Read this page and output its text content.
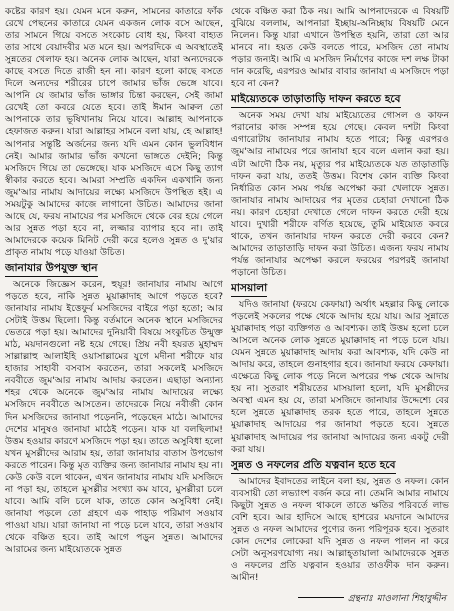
কষ্টের কারণ হয়। যেমন মনে করুন, সামনের কাতারে ফাঁক রেখে পেছনের কাতারে যেমন একজন লোক বসে আছেন, তার সামনে গিয়ে বসতে সংকোচ বোধ হয়, কিংবা বাহ্যত তার সাথে বেয়াদবীর মত মনে হয়। অপরদিকে এ অবস্থাতেই সুন্নতের খেলাফ হয়। অনেক লোক আছেন, যারা অন্যদেরকে কাছে বসতে দিতে রাজী হন না। কারণ হলো কাছে বসতে দিলে অন্যদের শরীরের চাপে জামার ভাঁজ ভেঙ্গে যাবে। আপনি যে জামার ভাঁজ ভাঙ্গার চিন্তা করছেন, সেই জামা রেখেই তো কবরে যেতে হবে। তাই ঈমান আক্বল তো আপনাকে তার ভূষিখানায় নিয়ে যাবে। আল্লাহ আপনাকে হেফাজত করুন। যারা আল্লাহর সামনে বলা যায়, হে আল্লাহ! আপনার সন্তুষ্টি অর্জনের জন্য যদি এমন কোন ভুলবিধান নেই। আমার জামার ভাঁজ কখনো ভাঙ্গতে দেইনি; কিন্তু মসজিদে গিয়ে তা ভেঙ্গেছে। যাক মসজিদে এসে কিছু ত্যাগ স্বীকার করতে হবে। আমরা সম্প্রতি একদিন একখানি জন্য জুম'আর নামায আদায়ের লক্ষ্যে মসজিদে উপস্থিত হই। এ সময়টুকু আমাদের কাজে লাগানো উচিত। আমাদের জানা আছে যে, ফরয নামাযের পর মসজিদে থেকে বের হয়ে গেলে আর সুন্নত পড়া হবে না, লজ্জার ব্যাপার হবে না। তাই আমাদেরকে কয়েক মিনিট দেরী করে হলেও সুন্নত ও দু'য়ার প্রাকৃত নামায পড়ে যাওয়া উচিত।

জানাযার উপযুক্ত স্থান

অনেকে জিজ্ঞেস করেন, হুযূর! জানাযার নামায আগে পড়তে হবে, নাকি সুন্নত মুয়াক্কাদাহ আগে পড়তে হবে? জানাযার নামায ইত্তেফুর্ব মসজিদের বাইরে পড়া হতো; আর সেটাই উত্তম ছিলো। কিন্তু বর্তমানে অনেক স্থানে মসজিদের ভেতরে পড়া হয়। আমাদের দুনিয়াবী বিষয়ে সংকুচিত উন্মুক্ত মাঠ, ময়দানগুলো নষ্ট হয়ে গেছে। প্রিয় নবী হযরত মুহাম্মদ সাল্লাল্লাহু আলাইহি ওয়াসাল্লামের যুগে মদীনা শরীফে যার হাজার সাহাবী বসবাস করতেন, তারা সকলেই মসজিদে নববীতে জুম'আর নামায আদায় করতেন। এছাড়া অন্যান্য শহর থেকে অনেকে জুম'আর নামায আদায়ের লক্ষ্যে মসজিদে নববীতে আসতেন। তাদেরকে নিয়ে নবীজী কোন দিন মসজিদের জানাযা পড়েননি, পড়েছেন মাঠে। আমাদের দেশের মানুষও জানাযা মাঠেই পড়েন। যাক যা বলছিলাম! উত্তম হওয়ার কারণে মসজিদে পড়া হয়। তাতে অসুবিধা হলো যখন মুসল্লীদের আরাম হয়, তারা জানাযার বাতাস উপভোগ করতে পারেন। কিন্তু মৃত ব্যক্তির জন্য জানাযার নামায হয় না। কেউ কেউ বলে থাকেন, এখন জানাযার নামায যদি মসজিদে না পড়া হয়, তাহলে মুসল্লীর সংখ্যা কম যাবে, মুসল্লীরা চলে যাবে। আমি বলি চলে যাক, তাতে কোন অসুবিধা নেই। জানাযা পড়লে তো গ্রহণে এক পাহাড় পরিমাণ সওয়াব পাওয়া যায়। যারা জানাযা না পড়ে চলে যাবে, তারা সওয়াব থেকে বঞ্চিত হবে। তাই আগে পড়ুন সুন্নত। আমাদের আরামের জন্য মাইয়্যেতকে সুন্নত

থেকে বঞ্চিত করা ঠিক নয়। আমি আপনাদেরকে এ বিষয়টি বুঝিয়ে বললাম, আপনারা ইচ্ছায়-অনিচ্ছায় বিষয়টি মেনে নিলেন। কিন্তু যারা এখানে উপস্থিত হয়নি, তারা তো আর মানবে না। হয়ত কেউ বলতে পারে, মসজিদ তো নামায পড়ার জন্যই। আমি এ মসজিদ নির্মাণের কাজে দশ লক্ষ টাকা দান করেছি, এরপরও আমার বাবার জানাযা এ মসজিদে পড়া হবে না কেন?

মাইয়্যেতকে তাড়াতাড়ি দাফন করতে হবে

অনেক সময় দেখা যায় মাইয়্যেতের গোসল ও কাফন পরানোর কাজ সম্পন্ন হয়ে গেছে। কেবল দশটা কিংবা এগারোটায় জানাযার নামায হতে পারে; কিন্তু এরপরও জুম'আর নামাযের পরে জানাযা হবে বলে এলান করা হয়। এটা আদৌ ঠিক নয়, মৃত্যুর পর মাইয়্যেতকে যত তাড়াতাড়ি দাফন করা যায়, ততই উত্তম। বিশেষ কোন ব্যক্তি কিংবা নির্ধারিত কোন সময় পর্যন্ত অপেক্ষা করা খেলাফে সুন্নত। জানাযার নামায আদায়ের পর মৃতের চেহারা দেখানো ঠিক নয়। কারণ চেহারা দেখাতে গেলে দাফন করতে দেরী হয়ে যাবে। দুখারী শরীফে বর্ণিত হয়েছে, তুমি মাইয়্যেত কবরে থাকে, তখন জানাযার দাফন করতে দেরী করবে কেন? আমাদের তাড়াতাড়ি দাফন করা উচিত। এজন্য ফরয নামায পর্যন্ত জানাযার অপেক্ষা করলে ফরয়ের পরপরই জানাযা পড়ানো উচিত।

মাসয়ালা

যদিও জানাযা (ফরযে কেফায়া) অর্থাৎ মহল্লার কিছু লোকে পড়লেই সকলের পক্ষে থেকে আদায় হয়ে যায়। আর সুন্নাতে মুয়াক্কাদাহ পড়া ব্যক্তিগত ও আবশ্যক। তাই উত্তম হলো চলে আসলে অনেক লোক সুন্নতে মুয়াক্কাদাহ না পড়ে চলে যায়। যেমন সুন্নতে মুয়াক্কাদাহ আদায় করা আবশ্যক, যদি কেউ না আদায় করে, তাহলে গুনাহগার হবে। জানাযা ফরযে কেফায়া। এক্ষেত্রে কিছু লোক পড়ে নিলে অপরের পক্ষ থেকে আদায় হয় না। সুতরাং শরীয়তের মাসয়ালা হলো, যদি মুসল্লীদের অবস্থা এমন হয় যে, তারা মসজিদে জানাযার উদ্দেশ্যে বের হলে সুন্নতে মুয়াক্কাদাহ তরক হতে পারে, তাহলে সুন্নতে মুয়াক্কাদাহ আদায়ের পর জানাযা পড়তে হবে। সুন্নতে মুয়াক্কাদাহ আদায়ের পর জানাযা আদায়ের জন্য একটু দেরী করা যায়।

সুন্নত ও নফলের প্রতি যত্নবান হতে হবে

আমাদের ইবাদতের লাইনে বলা হয়, সুন্নত ও নফল। কোন ব্যবসায়ী তো লভ্যাংশ বর্জন করে না। তেমনি আমার নামাযে কিছুটা সুন্নত ও নফল থাকলে তাতে ক্ষতির পরিবর্তে লাভ বেশি হবে। আর হাদিসে আছে হাশরের ময়দানে আমাদের সুন্নত ও নফল আমাদের পুণ্যের জন্য পরিপূরক হবে। সুতরাং কোন দেশের লোকেরা যদি সুন্নত ও নফল পালন না করে সেটা অনুসরণযোগ্য নয়। আল্লাহ্তায়ালা আমাদেরকে সুন্নত ও নফলের প্রতি যত্নবান হওয়ার তাওফীক দান করুন। আমীন!

গ্রন্থনাঃ মাওলানা শিহাবুদ্দীন
